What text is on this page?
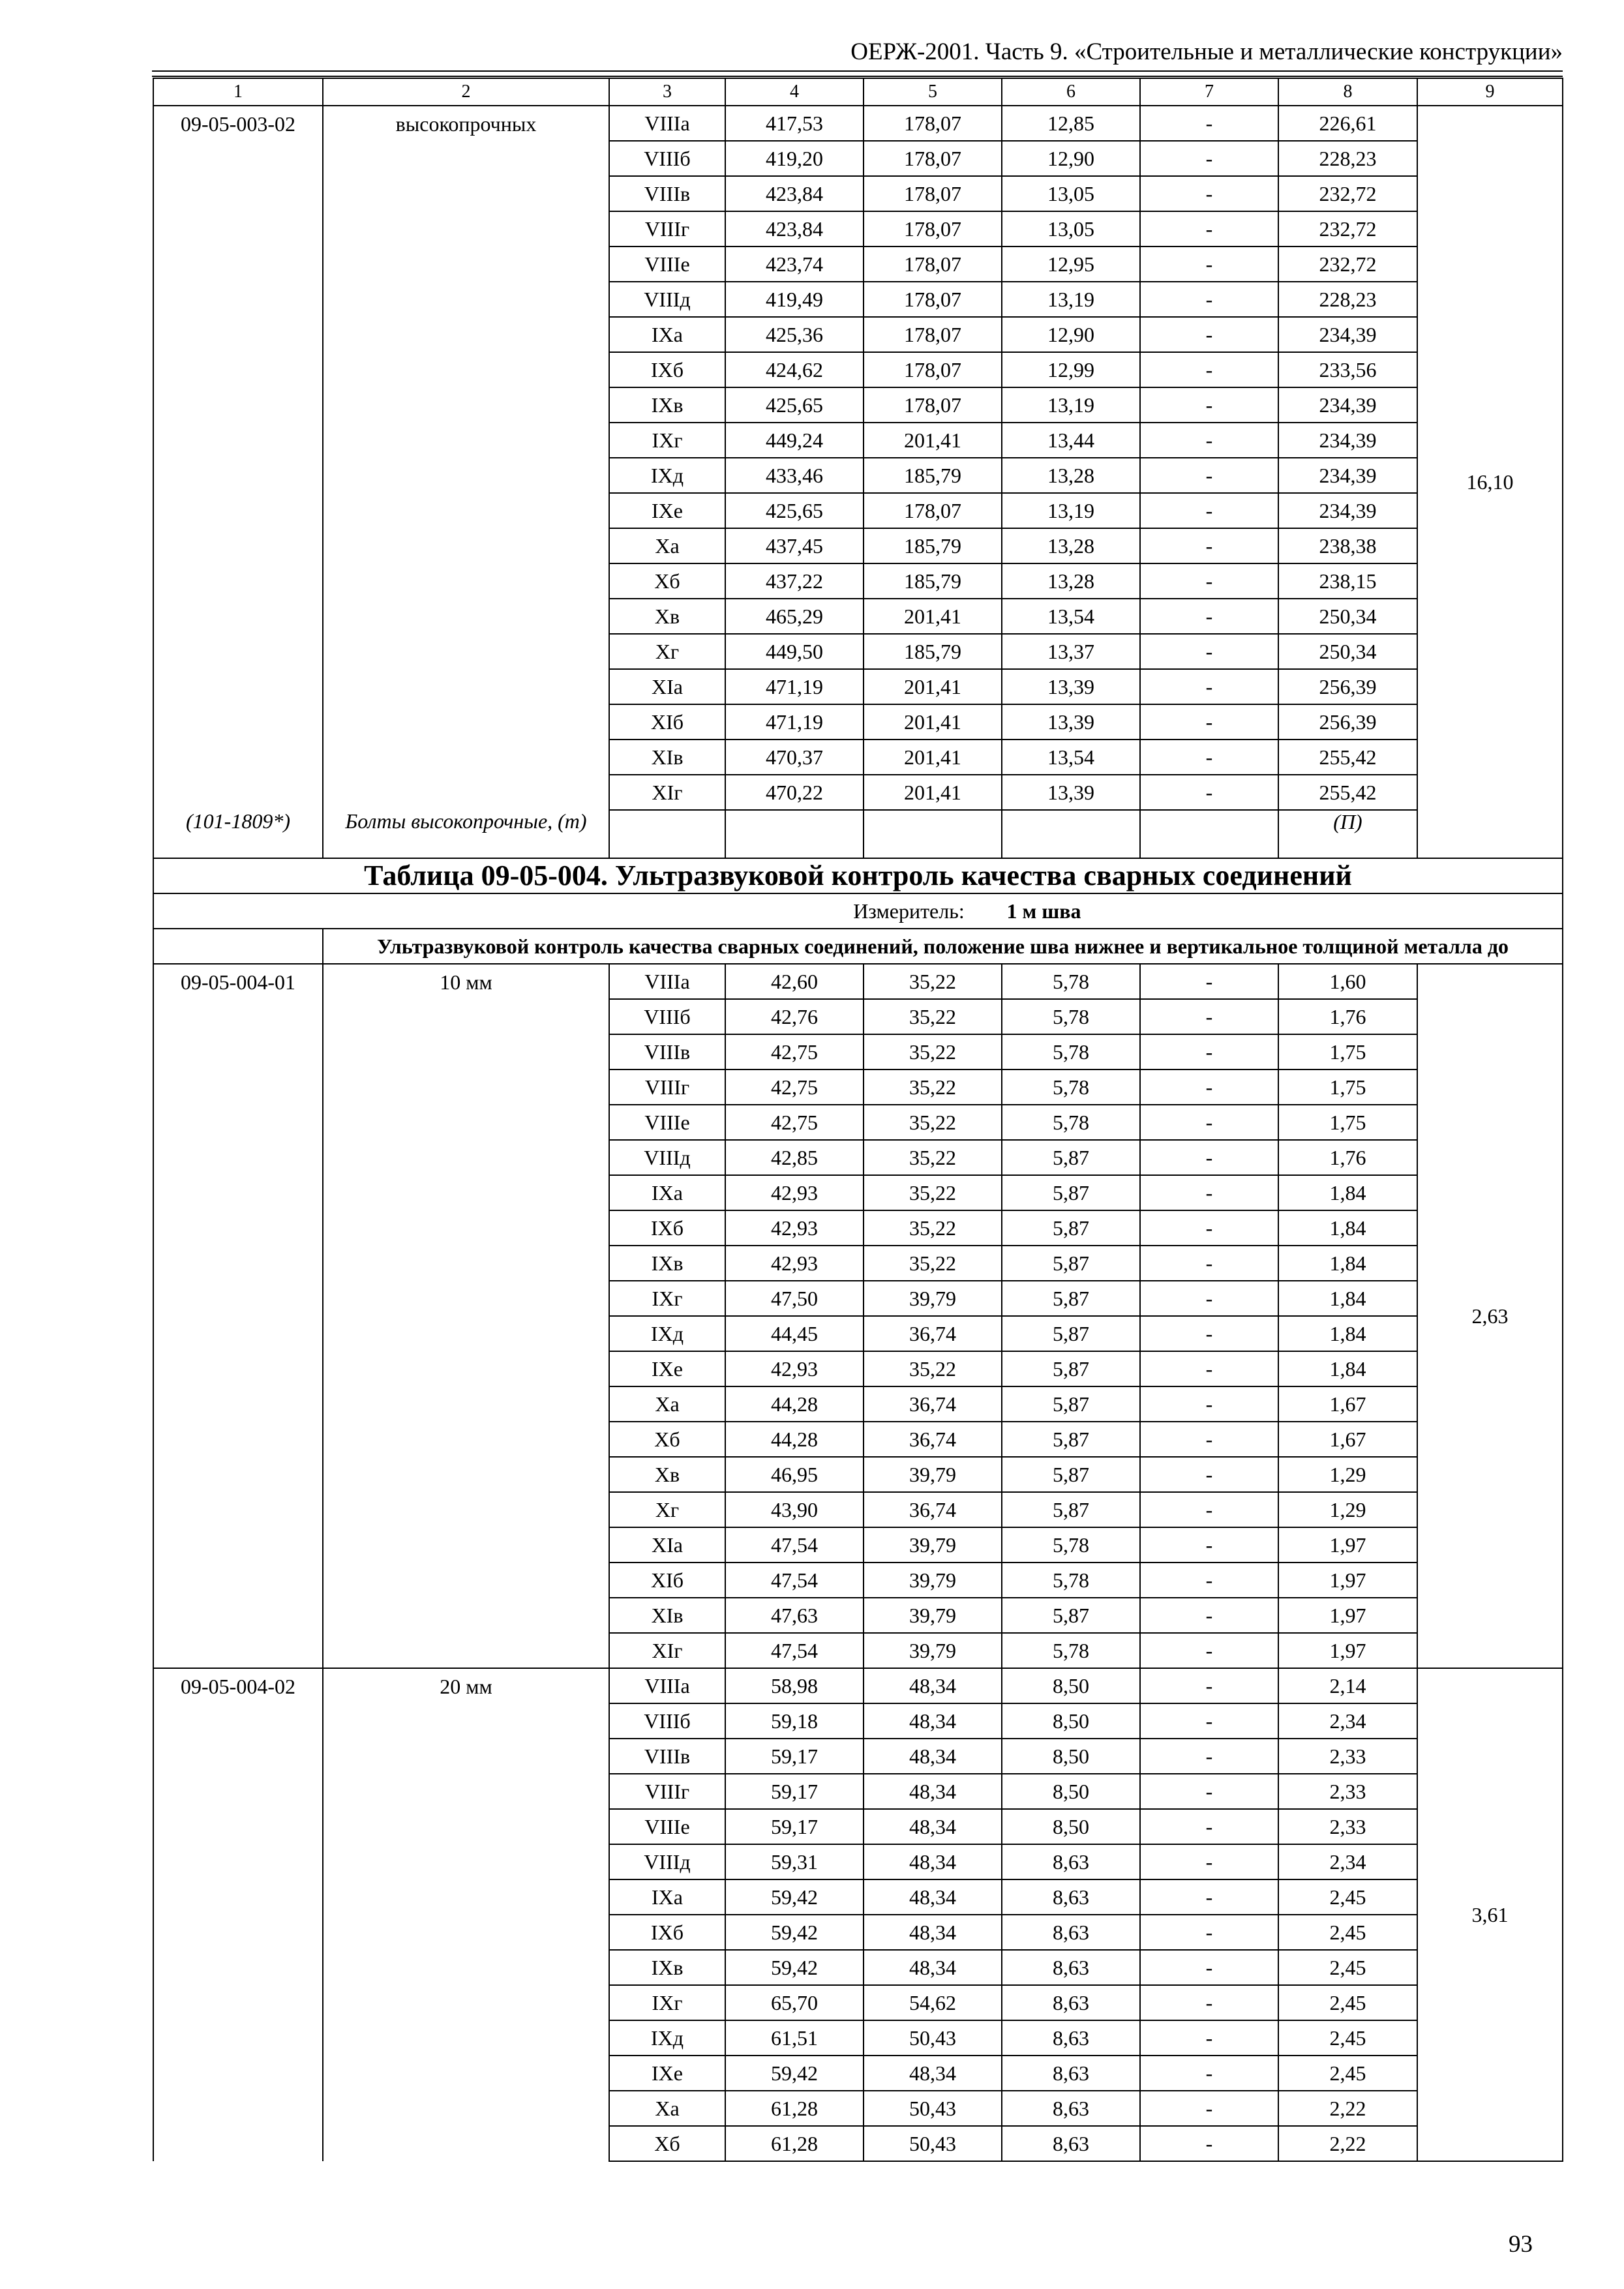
ОЕРЖ-2001. Часть 9. «Строительные и металлические конструкции»
1	2	3	4	5	6	7	8	9
09-05-003-02	высокопрочных	VIIIа	417,53	178,07	12,85	-	226,61	16,10
		VIIIб	419,20	178,07	12,90	-	228,23	
		VIIIв	423,84	178,07	13,05	-	232,72	
		VIIIг	423,84	178,07	13,05	-	232,72	
		VIIIе	423,74	178,07	12,95	-	232,72	
		VIIIд	419,49	178,07	13,19	-	228,23	
		IXа	425,36	178,07	12,90	-	234,39	
		IXб	424,62	178,07	12,99	-	233,56	
		IXв	425,65	178,07	13,19	-	234,39	
		IXг	449,24	201,41	13,44	-	234,39	
		IXд	433,46	185,79	13,28	-	234,39	
		IXе	425,65	178,07	13,19	-	234,39	
		Xа	437,45	185,79	13,28	-	238,38	
		Xб	437,22	185,79	13,28	-	238,15	
		Xв	465,29	201,41	13,54	-	250,34	
		Xг	449,50	185,79	13,37	-	250,34	
		XIа	471,19	201,41	13,39	-	256,39	
		XIб	471,19	201,41	13,39	-	256,39	
		XIв	470,37	201,41	13,54	-	255,42	
		XIг	470,22	201,41	13,39	-	255,42	
(101-1809*)	Болты высокопрочные, (т)						(П)	
Таблица 09-05-004. Ультразвуковой контроль качества сварных соединений								
Измеритель: 1 м шва								
	Ультразвуковой контроль качества сварных соединений, положение шва нижнее и вертикальное толщиной металла до							
09-05-004-01	10 мм	VIIIа	42,60	35,22	5,78	-	1,60	2,63
		VIIIб	42,76	35,22	5,78	-	1,76	
		VIIIв	42,75	35,22	5,78	-	1,75	
		VIIIг	42,75	35,22	5,78	-	1,75	
		VIIIе	42,75	35,22	5,78	-	1,75	
		VIIIд	42,85	35,22	5,87	-	1,76	
		IXа	42,93	35,22	5,87	-	1,84	
		IXб	42,93	35,22	5,87	-	1,84	
		IXв	42,93	35,22	5,87	-	1,84	
		IXг	47,50	39,79	5,87	-	1,84	
		IXд	44,45	36,74	5,87	-	1,84	
		IXе	42,93	35,22	5,87	-	1,84	
		Xа	44,28	36,74	5,87	-	1,67	
		Xб	44,28	36,74	5,87	-	1,67	
		Xв	46,95	39,79	5,87	-	1,29	
		Xг	43,90	36,74	5,87	-	1,29	
		XIа	47,54	39,79	5,78	-	1,97	
		XIб	47,54	39,79	5,78	-	1,97	
		XIв	47,63	39,79	5,87	-	1,97	
		XIг	47,54	39,79	5,78	-	1,97	
09-05-004-02	20 мм	VIIIа	58,98	48,34	8,50	-	2,14	3,61
		VIIIб	59,18	48,34	8,50	-	2,34	
		VIIIв	59,17	48,34	8,50	-	2,33	
		VIIIг	59,17	48,34	8,50	-	2,33	
		VIIIе	59,17	48,34	8,50	-	2,33	
		VIIIд	59,31	48,34	8,63	-	2,34	
		IXа	59,42	48,34	8,63	-	2,45	
		IXб	59,42	48,34	8,63	-	2,45	
		IXв	59,42	48,34	8,63	-	2,45	
		IXг	65,70	54,62	8,63	-	2,45	
		IXд	61,51	50,43	8,63	-	2,45	
		IXе	59,42	48,34	8,63	-	2,45	
		Xа	61,28	50,43	8,63	-	2,22	
		Xб	61,28	50,43	8,63	-	2,22	
93
